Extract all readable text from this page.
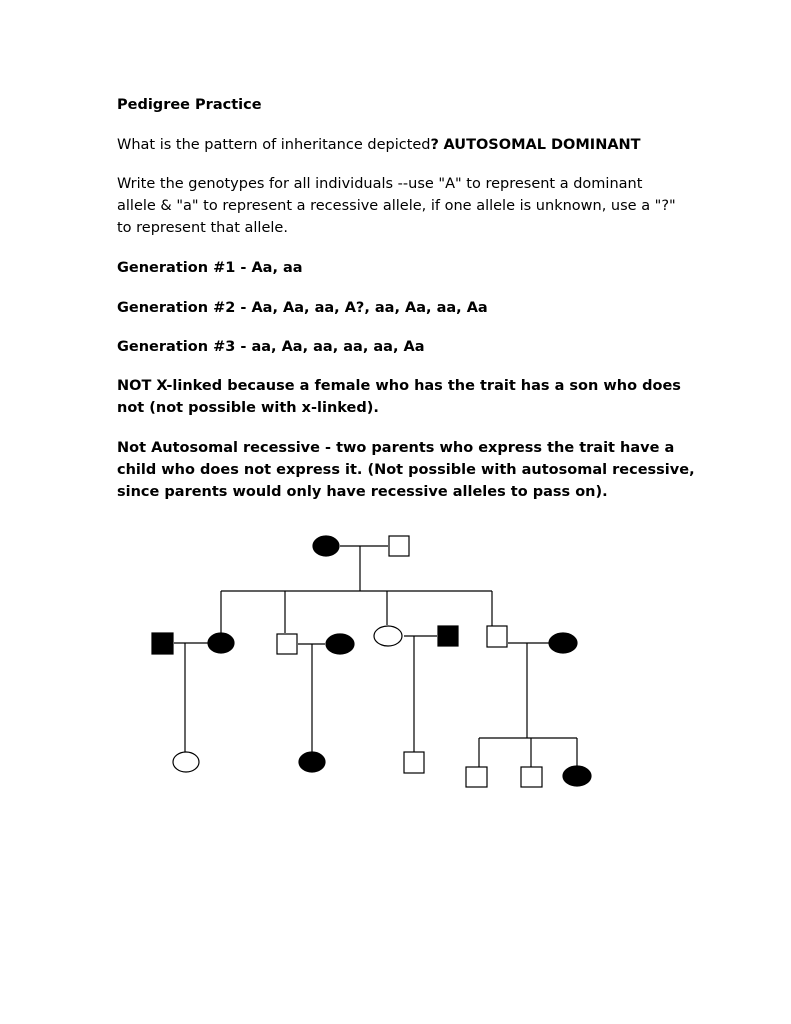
Pedigree Practice
What is the pattern of inheritance depicted? AUTOSOMAL DOMINANT
Write the genotypes for all individuals --use "A" to represent a dominant
allele & "a" to represent a recessive allele, if one allele is unknown, use a "?"
to represent that allele.
Generation #1 - Aa, aa
Generation #2 - Aa, Aa, aa, A?, aa, Aa, aa, Aa
Generation #3 - aa, Aa, aa, aa, aa, Aa
NOT X-linked because a female who has the trait has a son who does
not (not possible with x-linked).
Not Autosomal recessive - two parents who express the trait have a
child who does not express it. (Not possible with autosomal recessive,
since parents would only have recessive alleles to pass on).
